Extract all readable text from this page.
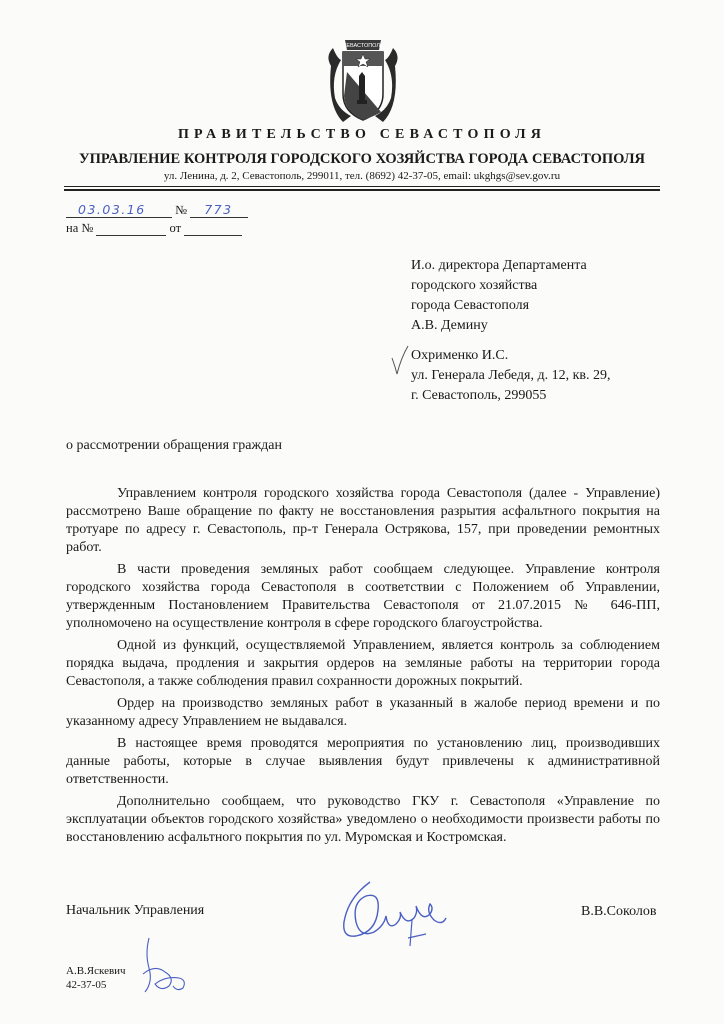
СЕВАСТОПОЛЬ
ПРАВИТЕЛЬСТВО СЕВАСТОПОЛЯ
УПРАВЛЕНИЕ КОНТРОЛЯ ГОРОДСКОГО ХОЗЯЙСТВА ГОРОДА СЕВАСТОПОЛЯ
ул. Ленина, д. 2, Севастополь, 299011, тел. (8692) 42-37-05, email: ukghgs@sev.gov.ru
03.03.16 № 773
на №	от
И.о. директора Департамента
городского хозяйства
города Севастополя
А.В. Демину
Охрименко И.С.
ул. Генерала Лебедя, д. 12, кв. 29,
г. Севастополь, 299055
о рассмотрении обращения граждан

Управлением контроля городского хозяйства города Севастополя (далее - Управление) рассмотрено Ваше обращение по факту не восстановления разрытия асфальтного покрытия на тротуаре по адресу г. Севастополь, пр-т Генерала Острякова, 157, при проведении ремонтных работ.

В части проведения земляных работ сообщаем следующее. Управление контроля городского хозяйства города Севастополя в соответствии с Положением об Управлении, утвержденным Постановлением Правительства Севастополя от 21.07.2015 № 646-ПП, уполномочено на осуществление контроля в сфере городского благоустройства.

Одной из функций, осуществляемой Управлением, является контроль за соблюдением порядка выдача, продления и закрытия ордеров на земляные работы на территории города Севастополя, а также соблюдения правил сохранности дорожных покрытий.

Ордер на производство земляных работ в указанный в жалобе период времени и по указанному адресу Управлением не выдавался.

В настоящее время проводятся мероприятия по установлению лиц, производивших данные работы, которые в случае выявления будут привлечены к административной ответственности.

Дополнительно сообщаем, что руководство ГКУ г. Севастополя «Управление по эксплуатации объектов городского хозяйства» уведомлено о необходимости произвести работы по восстановлению асфальтного покрытия по ул. Муромская и Костромская.

Начальник Управления	В.В.Соколов
А.В.Яскевич
42-37-05
